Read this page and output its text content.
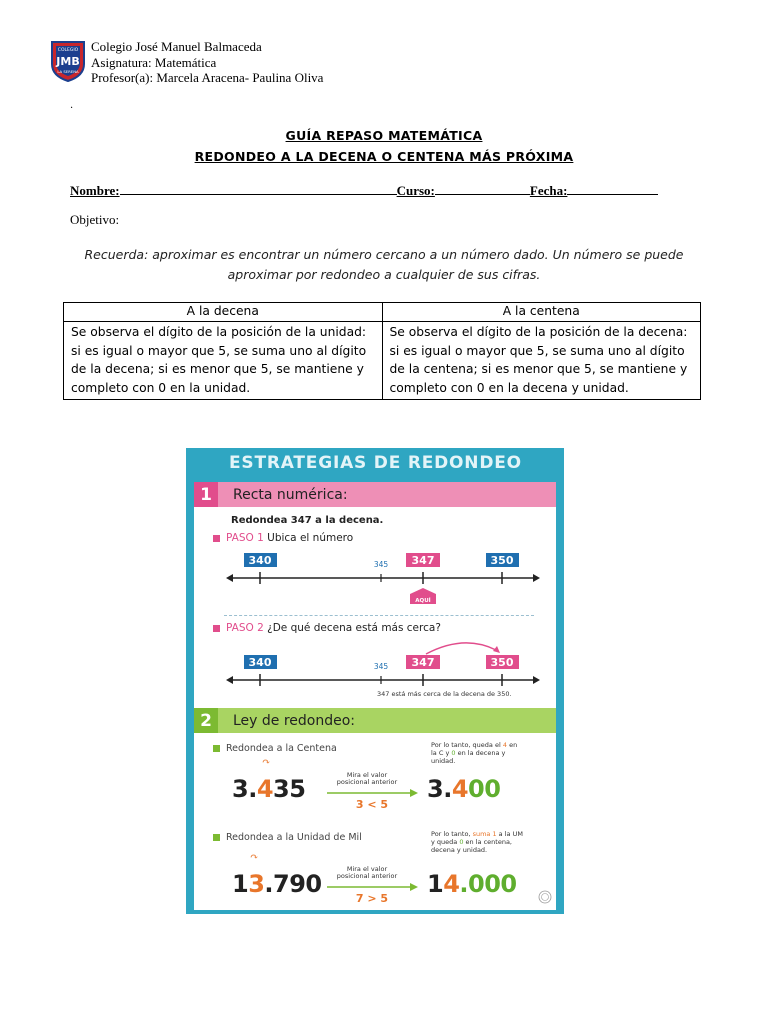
COLEGIO
JMB
LA SERENA
Colegio José Manuel Balmaceda
Asignatura: Matemática
Profesor(a): Marcela Aracena- Paulina Oliva
.
GUÍA REPASO MATEMÁTICA
REDONDEO A LA DECENA O CENTENA MÁS PRÓXIMA
Nombre:	Curso:	Fecha:
Objetivo:
Recuerda: aproximar es encontrar un número cercano a un número dado. Un número se puede aproximar por redondeo a cualquier de sus cifras.
A la decena	A la centena
Se observa el dígito de la posición de la unidad: si es igual o mayor que 5, se suma uno al dígito de la decena; si es menor que 5, se mantiene y completo con 0 en la unidad.	Se observa el dígito de la posición de la decena: si es igual o mayor que 5, se suma uno al dígito de la centena; si es menor que 5, se mantiene y completo con 0 en la decena y unidad.
ESTRATEGIAS DE REDONDEO
1	Recta numérica:
Redondea 347 a la decena.
PASO 1 Ubica el número
340	345 347	350
AQUÍ
PASO 2 ¿De qué decena está más cerca?
340	345 347	350
347 está más cerca de la decena de 350.
2	Ley de redondeo:
Redondea a la Centena	Por lo tanto, queda el 4 en la C y 0 en la decena y unidad.
↷
3.435	Mira el valor posicional anterior
3 < 5
3.400
Redondea a la Unidad de Mil	Por lo tanto, suma 1 a la UM y queda 0 en la centena, decena y unidad.
↷
13.790
Mira el valor posicional anterior
7 > 5
14.000
